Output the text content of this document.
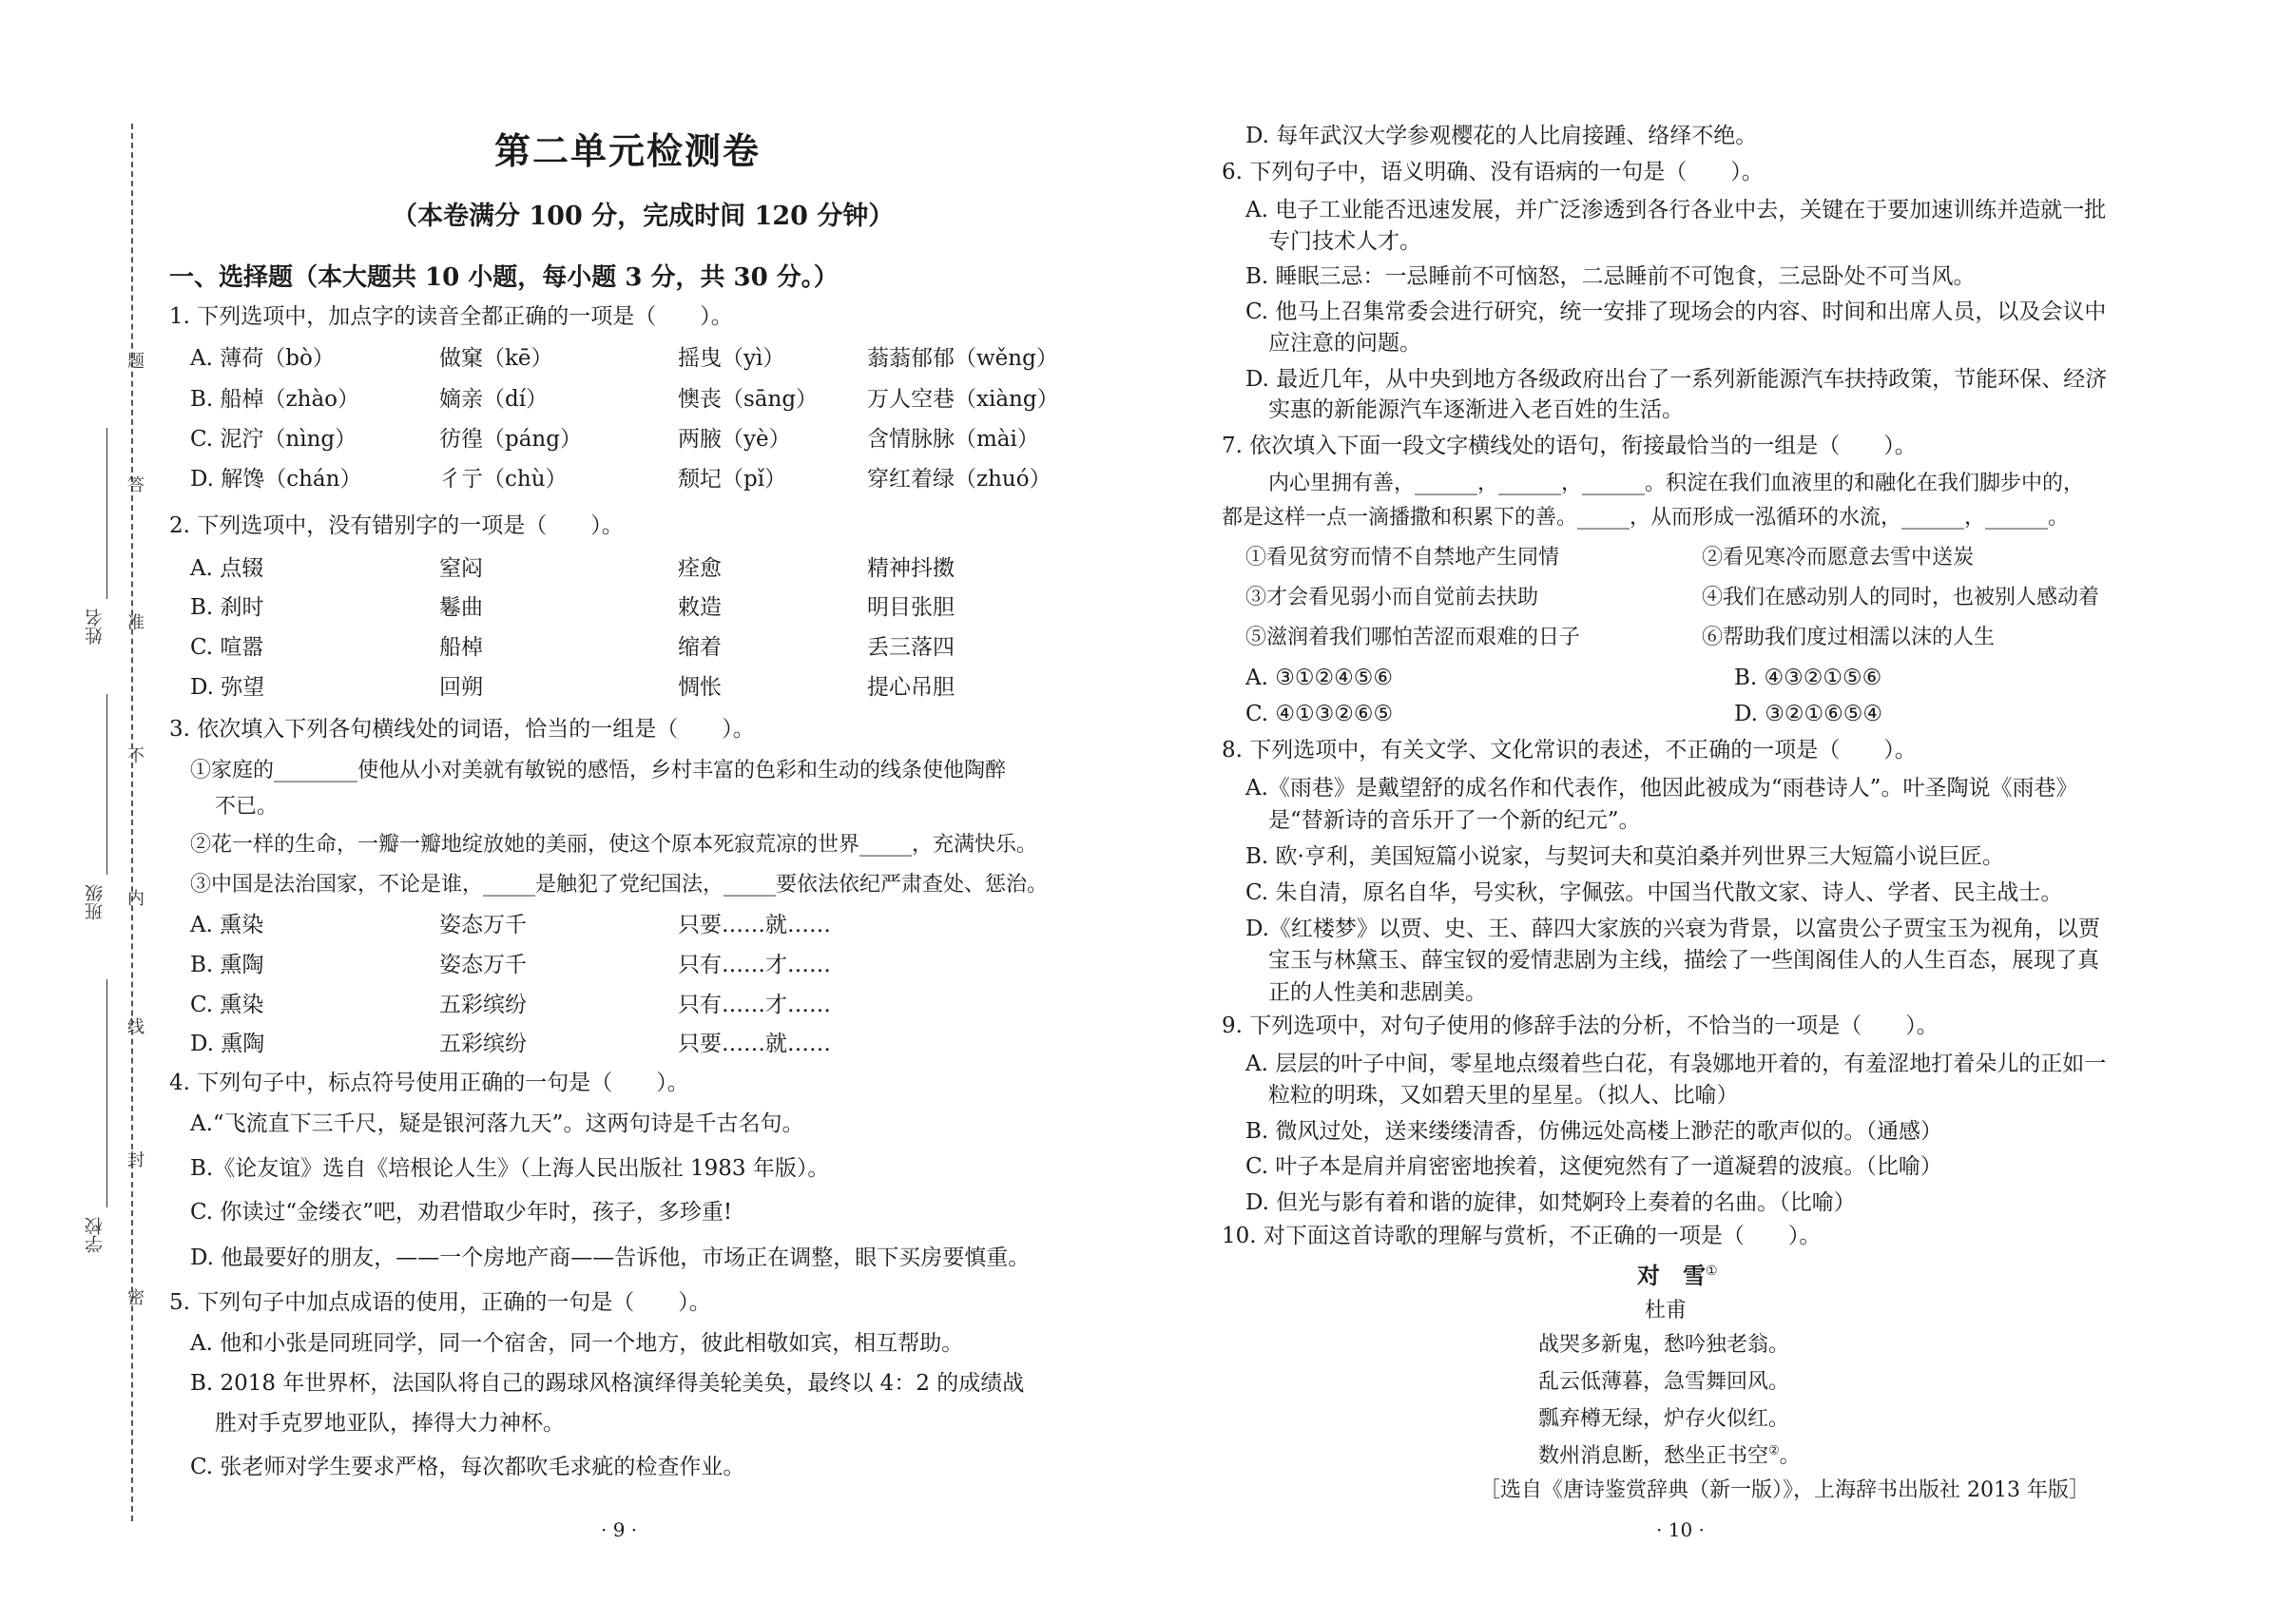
题
答
准
不
内
线
封
密
姓名
班级
学校
第二单元检测卷
（本卷满分 100 分，完成时间 120 分钟）
一、选择题（本大题共 10 小题，每小题 3 分，共 30 分。）
1. 下列选项中，加点字的读音全都正确的一项是（　　）。
A. 薄荷（bò）	做窠（kē）	摇曳（yì）	蓊蓊郁郁（wěng）
B. 船棹（zhào）	嫡亲（dí）	懊丧（sāng） 万人空巷（xiàng）
C. 泥泞（nìng）	彷徨（páng）	两腋（yè）	含情脉脉（mài）
D. 解馋（chán）	彳亍（chù）	颓圮（pǐ）	穿红着绿（zhuó）
2. 下列选项中，没有错别字的一项是（　　）。
A. 点辍	窒闷	痊愈	精神抖擞
B. 刹时	鬈曲	敕造	明目张胆
C. 喧嚣	船棹	缩着	丢三落四
D. 弥望	回朔	惆怅	提心吊胆
3. 依次填入下列各句横线处的词语，恰当的一组是（　　）。
①家庭的________使他从小对美就有敏锐的感悟，乡村丰富的色彩和生动的线条使他陶醉
不已。
②花一样的生命，一瓣一瓣地绽放她的美丽，使这个原本死寂荒凉的世界_____，充满快乐。
③中国是法治国家，不论是谁，_____是触犯了党纪国法，_____要依法依纪严肃查处、惩治。
A. 熏染	姿态万千	只要……就……
B. 熏陶	姿态万千	只有……才……
C. 熏染	五彩缤纷	只有……才……
D. 熏陶	五彩缤纷	只要……就……
4. 下列句子中，标点符号使用正确的一句是（　　）。
A.“飞流直下三千尺，疑是银河落九天”。这两句诗是千古名句。
B.《论友谊》选自《培根论人生》（上海人民出版社 1983 年版）。
C. 你读过“金缕衣”吧，劝君惜取少年时，孩子，多珍重!
D. 他最要好的朋友，——一个房地产商——告诉他，市场正在调整，眼下买房要慎重。
5. 下列句子中加点成语的使用，正确的一句是（　　）。
A. 他和小张是同班同学，同一个宿舍，同一个地方，彼此相敬如宾，相互帮助。
B. 2018 年世界杯，法国队将自己的踢球风格演绎得美轮美奂，最终以 4：2 的成绩战
胜对手克罗地亚队，捧得大力神杯。
C. 张老师对学生要求严格，每次都吹毛求疵的检查作业。
· 9 ·
D. 每年武汉大学参观樱花的人比肩接踵、络绎不绝。
6. 下列句子中，语义明确、没有语病的一句是（　　）。
A. 电子工业能否迅速发展，并广泛渗透到各行各业中去，关键在于要加速训练并造就一批
专门技术人才。
B. 睡眠三忌：一忌睡前不可恼怒，二忌睡前不可饱食，三忌卧处不可当风。
C. 他马上召集常委会进行研究，统一安排了现场会的内容、时间和出席人员，以及会议中
应注意的问题。
D. 最近几年，从中央到地方各级政府出台了一系列新能源汽车扶持政策，节能环保、经济
实惠的新能源汽车逐渐进入老百姓的生活。
7. 依次填入下面一段文字横线处的语句，衔接最恰当的一组是（　　）。
内心里拥有善，______，______，______。积淀在我们血液里的和融化在我们脚步中的，
都是这样一点一滴播撒和积累下的善。_____，从而形成一泓循环的水流，______，______。
①看见贫穷而情不自禁地产生同情	②看见寒冷而愿意去雪中送炭
③才会看见弱小而自觉前去扶助	④我们在感动别人的同时，也被别人感动着
⑤滋润着我们哪怕苦涩而艰难的日子	⑥帮助我们度过相濡以沫的人生
A. ③①②④⑤⑥	B. ④③②①⑤⑥
C. ④①③②⑥⑤	D. ③②①⑥⑤④
8. 下列选项中，有关文学、文化常识的表述，不正确的一项是（　　）。
A.《雨巷》是戴望舒的成名作和代表作，他因此被成为“雨巷诗人”。叶圣陶说《雨巷》
是“替新诗的音乐开了一个新的纪元”。
B. 欧·亨利，美国短篇小说家，与契诃夫和莫泊桑并列世界三大短篇小说巨匠。
C. 朱自清，原名自华，号实秋，字佩弦。中国当代散文家、诗人、学者、民主战士。
D.《红楼梦》以贾、史、王、薛四大家族的兴衰为背景，以富贵公子贾宝玉为视角，以贾
宝玉与林黛玉、薛宝钗的爱情悲剧为主线，描绘了一些闺阁佳人的人生百态，展现了真
正的人性美和悲剧美。
9. 下列选项中，对句子使用的修辞手法的分析，不恰当的一项是（　　）。
A. 层层的叶子中间，零星地点缀着些白花，有袅娜地开着的，有羞涩地打着朵儿的正如一
粒粒的明珠，又如碧天里的星星。（拟人、比喻）
B. 微风过处，送来缕缕清香，仿佛远处高楼上渺茫的歌声似的。（通感）
C. 叶子本是肩并肩密密地挨着，这便宛然有了一道凝碧的波痕。（比喻）
D. 但光与影有着和谐的旋律，如梵婀玲上奏着的名曲。（比喻）
10. 对下面这首诗歌的理解与赏析，不正确的一项是（　　）。
对　雪①
杜甫
战哭多新鬼，愁吟独老翁。
乱云低薄暮，急雪舞回风。
瓢弃樽无绿，炉存火似红。
数州消息断，愁坐正书空②。
［选自《唐诗鉴赏辞典（新一版）》，上海辞书出版社 2013 年版］
· 10 ·
